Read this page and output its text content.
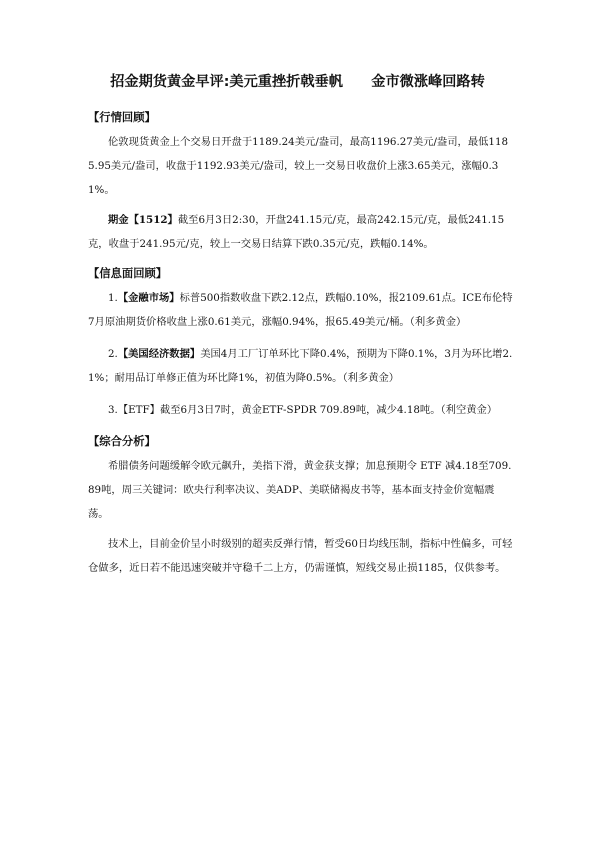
招金期货黄金早评:美元重挫折戟垂帆　　金市微涨峰回路转

【行情回顾】

伦敦现货黄金上个交易日开盘于1189.24美元/盎司，最高1196.27美元/盎司，最低1185.95美元/盎司，收盘于1192.93美元/盎司，较上一交易日收盘价上涨3.65美元，涨幅0.31%。

期金【1512】截至6月3日2:30，开盘241.15元/克，最高242.15元/克，最低241.15克，收盘于241.95元/克，较上一交易日结算下跌0.35元/克，跌幅0.14%。

【信息面回顾】

1.【金融市场】标普500指数收盘下跌2.12点，跌幅0.10%，报2109.61点。ICE布伦特7月原油期货价格收盘上涨0.61美元，涨幅0.94%，报65.49美元/桶。（利多黄金）

2.【美国经济数据】美国4月工厂订单环比下降0.4%，预期为下降0.1%，3月为环比增2.1%；耐用品订单修正值为环比降1%，初值为降0.5%。（利多黄金）

3.【ETF】截至6月3日7时，黄金ETF-SPDR 709.89吨，减少4.18吨。（利空黄金）

【综合分析】

希腊债务问题缓解令欧元飙升，美指下滑，黄金获支撑；加息预期令 ETF 减4.18至709.89吨，周三关键词：欧央行利率决议、美ADP、美联储褐皮书等，基本面支持金价宽幅震荡。

技术上，目前金价呈小时级别的超卖反弹行情，暂受60日均线压制，指标中性偏多，可轻仓做多，近日若不能迅速突破并守稳千二上方，仍需谨慎，短线交易止损1185，仅供参考。
